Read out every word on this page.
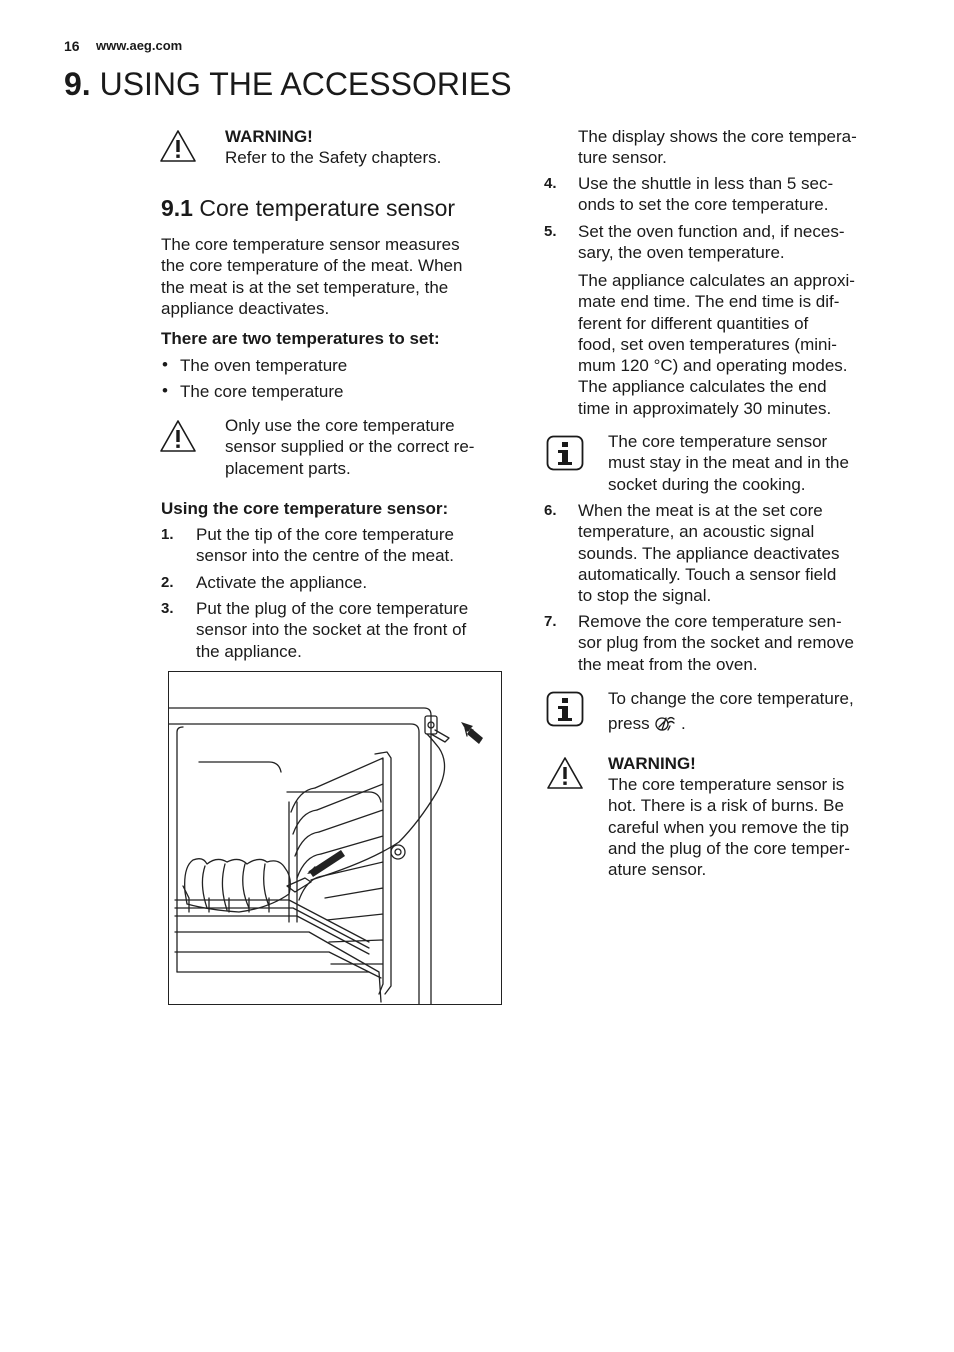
16 www.aeg.com
9. USING THE ACCESSORIES
WARNING!
Refer to the Safety chapters.
9.1 Core temperature sensor
The core temperature sensor measures
the core temperature of the meat. When
the meat is at the set temperature, the
appliance deactivates.
There are two temperatures to set:
• The oven temperature
• The core temperature
Only use the core temperature
sensor supplied or the correct re-
placement parts.
Using the core temperature sensor:
1. Put the tip of the core temperature
sensor into the centre of the meat.
2. Activate the appliance.
3. Put the plug of the core temperature
sensor into the socket at the front of
the appliance.
The display shows the core tempera-
ture sensor.
4. Use the shuttle in less than 5 sec-
onds to set the core temperature.
5. Set the oven function and, if neces-
sary, the oven temperature.
The appliance calculates an approxi-
mate end time. The end time is dif-
ferent for different quantities of
food, set oven temperatures (mini-
mum 120 °C) and operating modes.
The appliance calculates the end
time in approximately 30 minutes.
The core temperature sensor
must stay in the meat and in the
socket during the cooking.
6. When the meat is at the set core
temperature, an acoustic signal
sounds. The appliance deactivates
automatically. Touch a sensor field
to stop the signal.
7. Remove the core temperature sen-
sor plug from the socket and remove
the meat from the oven.
To change the core temperature,
press .
WARNING!
The core temperature sensor is
hot. There is a risk of burns. Be
careful when you remove the tip
and the plug of the core temper-
ature sensor.
